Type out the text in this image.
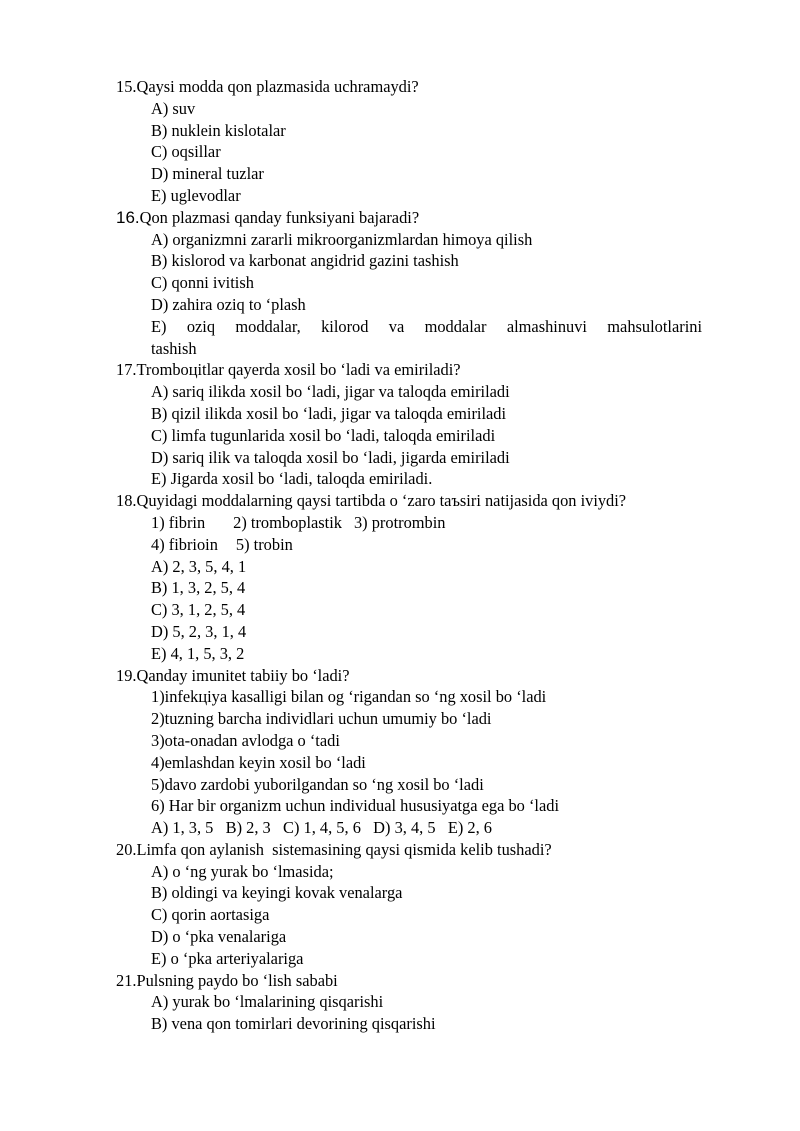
15.Qaysi modda qon plazmasida uchramaydi?
A) suv
B) nuklein kislotalar
C) oqsillar
D) mineral tuzlar
E) uglevodlar
16.Qon plazmasi qanday funksiyani bajaradi?
A) organizmni zararli mikroorganizmlardan himoya qilish
B) kislorod va karbonat angidrid gazini tashish
C) qonni ivitish
D) zahira oziq to ‘plash
E) oziq moddalar, kilorod va moddalar almashinuvi mahsulotlarini
tashish
17.Tromboцitlar qayerda xosil bo ‘ladi va emiriladi?
A) sariq ilikda xosil bo ‘ladi, jigar va taloqda emiriladi
B) qizil ilikda xosil bo ‘ladi, jigar va taloqda emiriladi
C) limfa tugunlarida xosil bo ‘ladi, taloqda emiriladi
D) sariq ilik va taloqda xosil bo ‘ladi, jigarda emiriladi
E) Jigarda xosil bo ‘ladi, taloqda emiriladi.
18.Quyidagi moddalarning qaysi tartibda o ‘zaro taъsiri natijasida qon iviydi?
1) fibrin 2) tromboplastik 3) protrombin
4) fibrioin 5) trobin
A) 2, 3, 5, 4, 1
B) 1, 3, 2, 5, 4
C) 3, 1, 2, 5, 4
D) 5, 2, 3, 1, 4
E) 4, 1, 5, 3, 2
19.Qanday imunitet tabiiy bo ‘ladi?
1)infekцiya kasalligi bilan og ‘rigandan so ‘ng xosil bo ‘ladi
2)tuzning barcha individlari uchun umumiy bo ‘ladi
3)ota-onadan avlodga o ‘tadi
4)emlashdan keyin xosil bo ‘ladi
5)davo zardobi yuborilgandan so ‘ng xosil bo ‘ladi
6) Har bir organizm uchun individual hususiyatga ega bo ‘ladi
A) 1, 3, 5   B) 2, 3   C) 1, 4, 5, 6   D) 3, 4, 5   E) 2, 6
20.Limfa qon aylanish  sistemasining qaysi qismida kelib tushadi?
A) o ‘ng yurak bo ‘lmasida;
B) oldingi va keyingi kovak venalarga
C) qorin aortasiga
D) o ‘pka venalariga
E) o ‘pka arteriyalariga
21.Pulsning paydo bo ‘lish sababi
A) yurak bo ‘lmalarining qisqarishi
B) vena qon tomirlari devorining qisqarishi
